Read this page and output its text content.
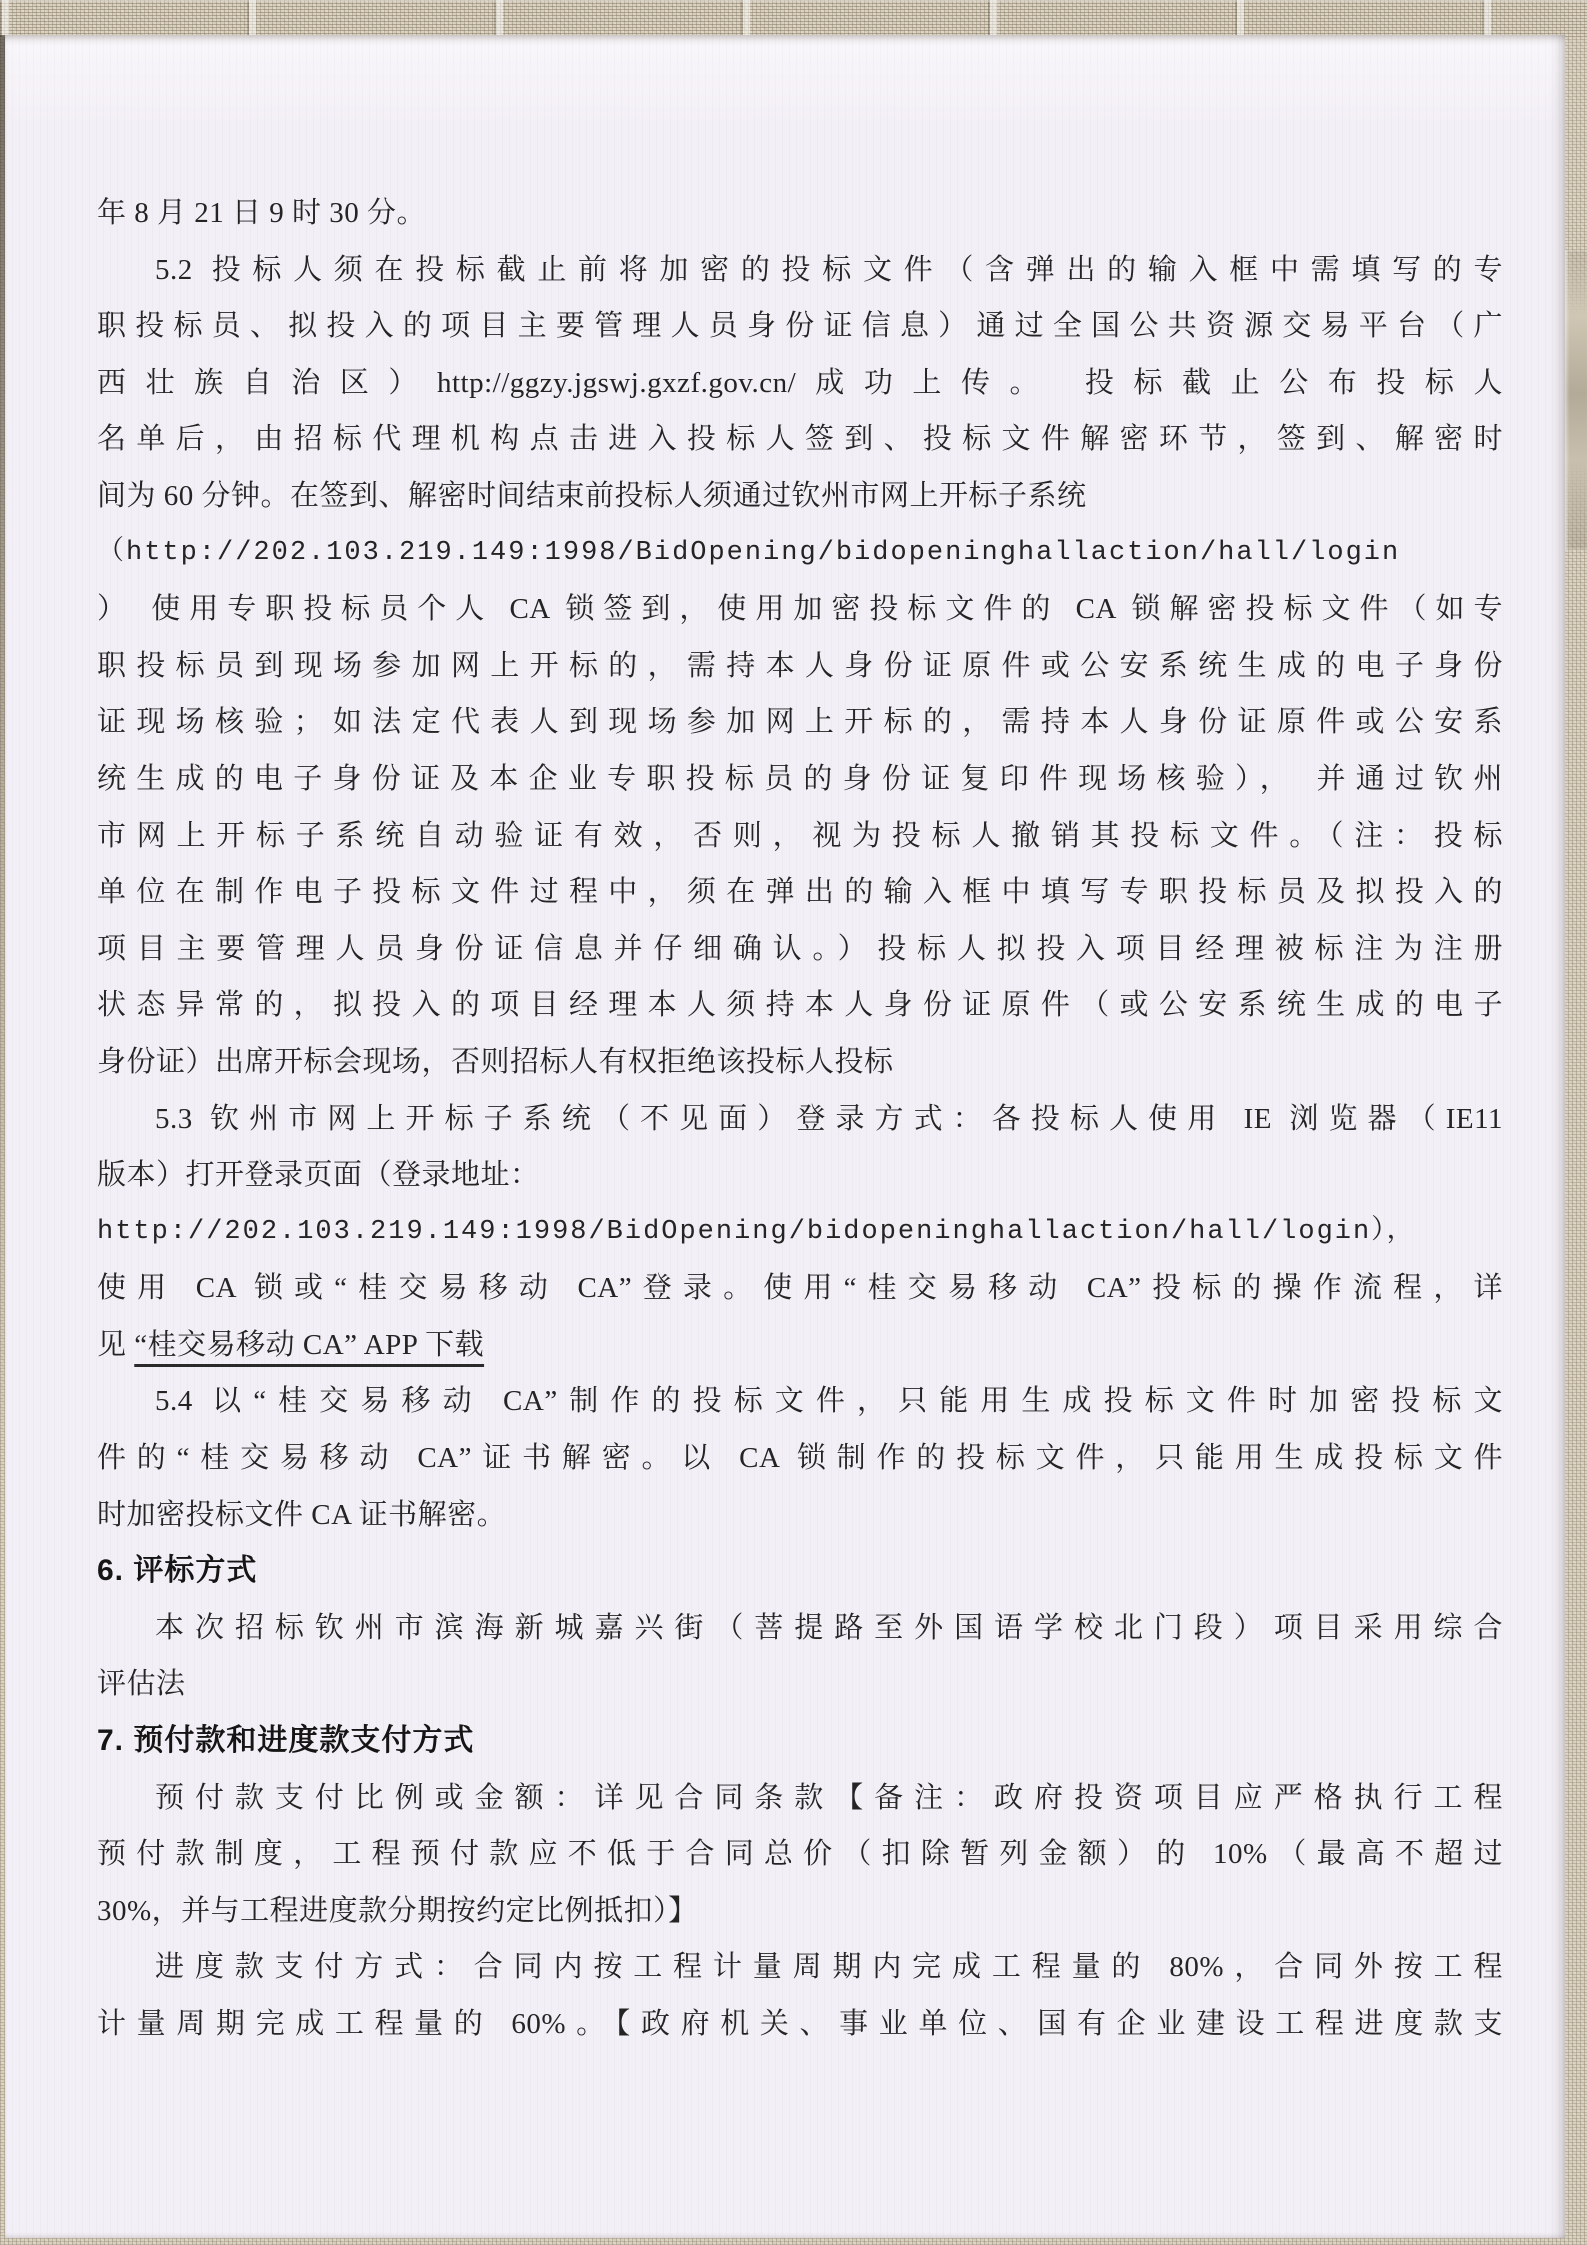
年 8 月 21 日 9 时 30 分。
5.2 投标人须在投标截止前将加密的投标文件（含弹出的输入框中需填写的专
职投标员、拟投入的项目主要管理人员身份证信息）通过全国公共资源交易平台（广
西壮族自治区）http://ggzy.jgswj.gxzf.gov.cn/成功上传。 投标截止公布投标人
名单后，由招标代理机构点击进入投标人签到、投标文件解密环节，签到、解密时
间为 60 分钟。在签到、解密时间结束前投标人须通过钦州市网上开标子系统
（http://202.103.219.149:1998/BidOpening/bidopeninghallaction/hall/login
） 使用专职投标员个人 CA 锁签到，使用加密投标文件的 CA 锁解密投标文件（如专
职投标员到现场参加网上开标的，需持本人身份证原件或公安系统生成的电子身份
证现场核验；如法定代表人到现场参加网上开标的，需持本人身份证原件或公安系
统生成的电子身份证及本企业专职投标员的身份证复印件现场核验）， 并通过钦州
市网上开标子系统自动验证有效，否则，视为投标人撤销其投标文件。（注：投标
单位在制作电子投标文件过程中，须在弹出的输入框中填写专职投标员及拟投入的
项目主要管理人员身份证信息并仔细确认。）投标人拟投入项目经理被标注为注册
状态异常的，拟投入的项目经理本人须持本人身份证原件（或公安系统生成的电子
身份证）出席开标会现场，否则招标人有权拒绝该投标人投标
5.3 钦州市网上开标子系统（不见面）登录方式：各投标人使用 IE 浏览器（IE11
版本）打开登录页面（登录地址：
http://202.103.219.149:1998/BidOpening/bidopeninghallaction/hall/login），
使用 CA 锁或“桂交易移动 CA”登录。使用“桂交易移动 CA”投标的操作流程，详
见 “桂交易移动 CA” APP 下载
5.4 以“桂交易移动 CA”制作的投标文件，只能用生成投标文件时加密投标文
件的“桂交易移动 CA”证书解密。以 CA 锁制作的投标文件，只能用生成投标文件
时加密投标文件 CA 证书解密。
6. 评标方式
本次招标钦州市滨海新城嘉兴街（菩提路至外国语学校北门段）项目采用综合
评估法
7. 预付款和进度款支付方式
预付款支付比例或金额：详见合同条款【备注：政府投资项目应严格执行工程
预付款制度，工程预付款应不低于合同总价（扣除暂列金额）的 10%（最高不超过
30%，并与工程进度款分期按约定比例抵扣）】
进度款支付方式：合同内按工程计量周期内完成工程量的 80%，合同外按工程
计量周期完成工程量的 60%。【政府机关、事业单位、国有企业建设工程进度款支
